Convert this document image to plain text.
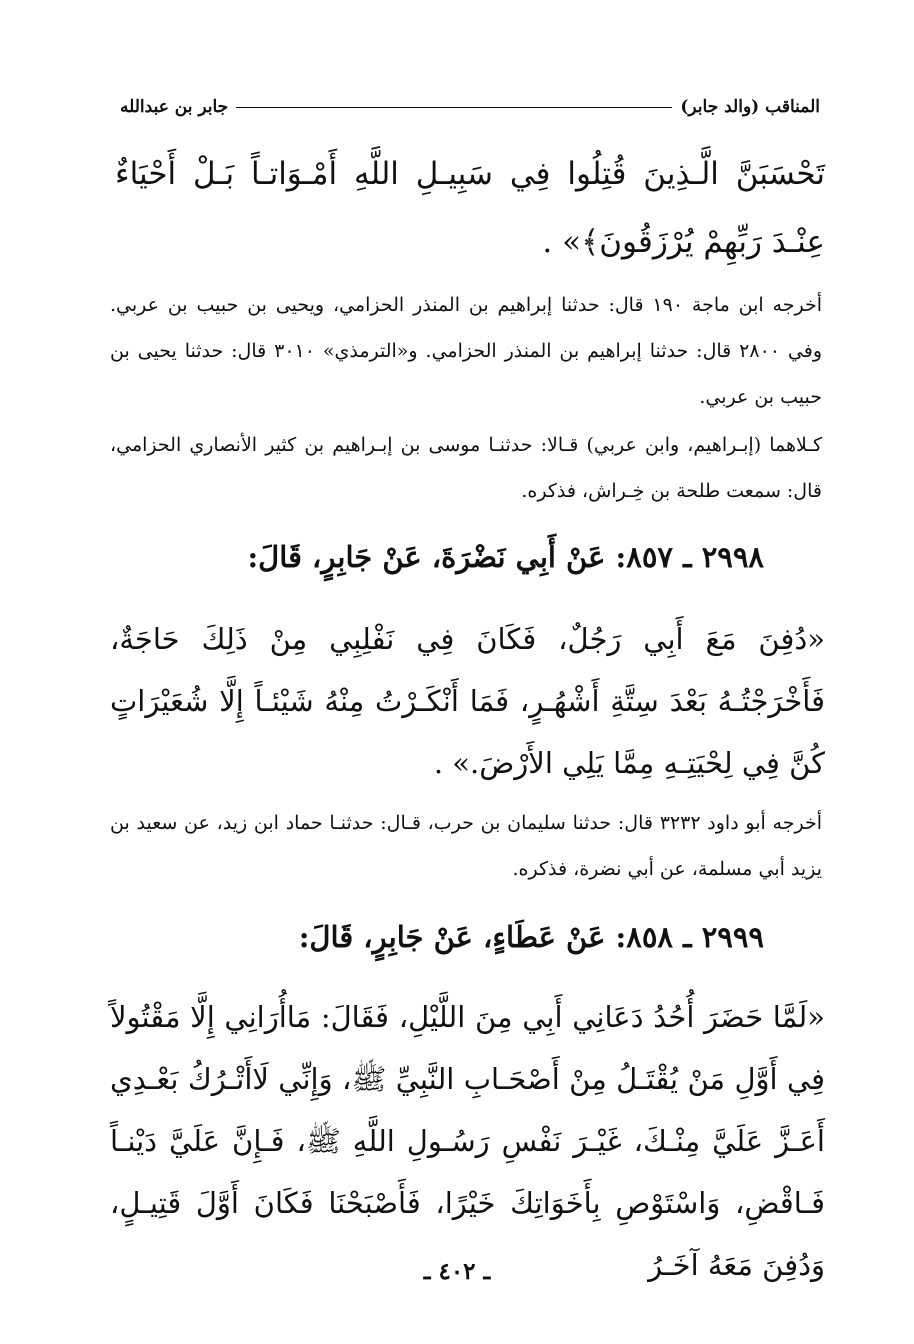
المناقب (والد جابر)
جابر بن عبدالله
تَحْسَبَنَّ الَّـذِينَ قُتِلُوا فِي سَبِيـلِ اللَّهِ أَمْـوَاتـاً بَـلْ أَحْيَاءٌ عِنْـدَ رَبِّهِمْ يُرْزَقُونَ﴾» .
أخرجه ابن ماجة ١٩٠ قال: حدثنا إبراهيم بن المنذر الحزامي، ويحيى بن حبيب بن عربي. وفي ٢٨٠٠ قال: حدثنا إبراهيم بن المنذر الحزامي. و«الترمذي» ٣٠١٠ قال: حدثنا يحيى بن حبيب بن عربي.
كـلاهما (إبـراهيم، وابن عربي) قـالا: حدثنـا موسى بن إبـراهيم بن كثير الأنصاري الحزامي، قال: سمعت طلحة بن خِـراش، فذكره.
٢٩٩٨ ـ ٨٥٧: عَنْ أَبِي نَضْرَةَ، عَنْ جَابِرٍ، قَالَ:
«دُفِنَ مَعَ أَبِي رَجُلٌ، فَكَانَ فِي نَفْلِبِي مِنْ ذَلِكَ حَاجَةٌ، فَأَخْرَجْتُـهُ بَعْدَ سِتَّةِ أَشْهُـرٍ، فَمَا أَنْكَـرْتُ مِنْهُ شَيْئـاً إِلَّا شُعَيْرَاتٍ كُنَّ فِي لِحْيَتِـهِ مِمَّا يَلِي الأَرْضَ.» .
أخرجه أبو داود ٣٢٣٢ قال: حدثنا سليمان بن حرب، قـال: حدثنـا حماد ابن زيد، عن سعيد بن يزيد أبي مسلمة، عن أبي نضرة، فذكره.
٢٩٩٩ ـ ٨٥٨: عَنْ عَطَاءٍ، عَنْ جَابِرٍ، قَالَ:
«لَمَّا حَضَرَ أُحُدُ دَعَانِي أَبِي مِنَ اللَّيْلِ، فَقَالَ: مَاأُرَانِي إِلَّا مَقْتُولاً فِي أَوَّلِ مَنْ يُقْتَـلُ مِنْ أَصْحَـابِ النَّبِيِّ ﷺ، وَإِنِّي لَاأَتْـرُكُ بَعْـدِي أَعَـزَّ عَلَيَّ مِنْـكَ، غَيْـرَ نَفْسِ رَسُـولِ اللَّهِ ﷺ، فَـإِنَّ عَلَيَّ دَيْنـاً فَـاقْضِ، وَاسْتَوْصِ بِأَخَوَاتِكَ خَيْرًا، فَأَصْبَحْنَا فَكَانَ أَوَّلَ قَتِيـلٍ، وَدُفِنَ مَعَهُ آخَـرُ
ـ ٤٠٢ ـ
